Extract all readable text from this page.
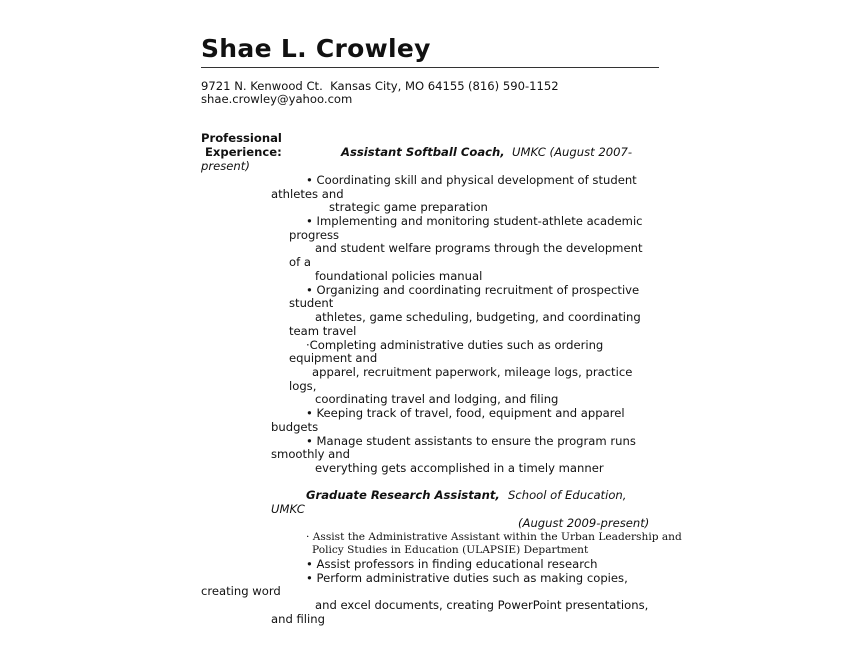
Shae L. Crowley
9721 N. Kenwood Ct.  Kansas City, MO 64155 (816) 590-1152
shae.crowley@yahoo.com
Professional
Experience:	Assistant Softball Coach, UMKC (August 2007-
present)
• Coordinating skill and physical development of student
athletes and
strategic game preparation
• Implementing and monitoring student-athlete academic
progress
and student welfare programs through the development
of a
foundational policies manual
• Organizing and coordinating recruitment of prospective
student
athletes, game scheduling, budgeting, and coordinating
team travel
·Completing administrative duties such as ordering
equipment and
apparel, recruitment paperwork, mileage logs, practice
logs,
coordinating travel and lodging, and filing
• Keeping track of travel, food, equipment and apparel
budgets
• Manage student assistants to ensure the program runs
smoothly and
everything gets accomplished in a timely manner
Graduate Research Assistant, School of Education,
UMKC
(August 2009-present)
· Assist the Administrative Assistant within the Urban Leadership and
Policy Studies in Education (ULAPSIE) Department
• Assist professors in finding educational research
• Perform administrative duties such as making copies,
creating word
and excel documents, creating PowerPoint presentations,
and filing
